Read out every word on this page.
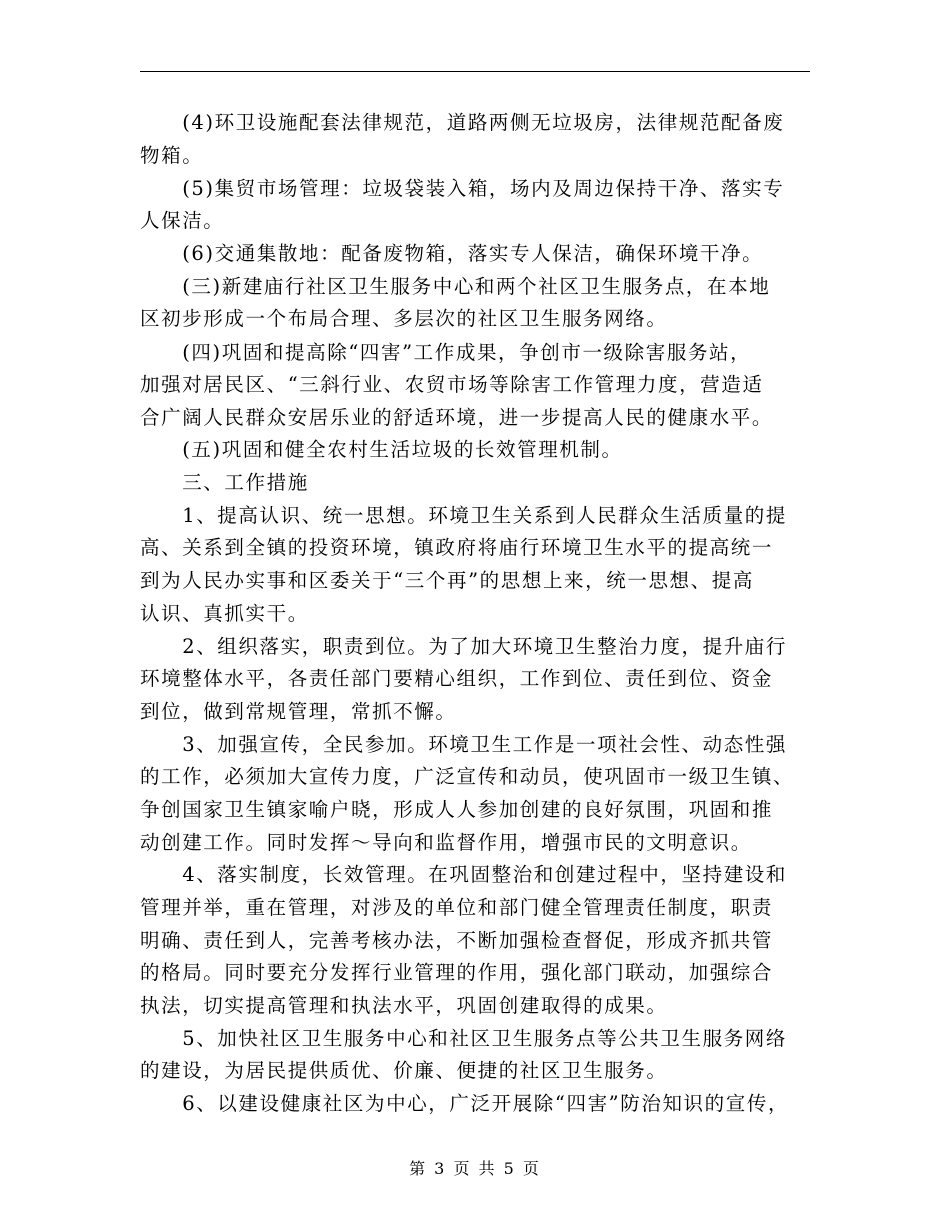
　　(4)环卫设施配套法律规范，道路两侧无垃圾房，法律规范配备废
物箱。
　　(5)集贸市场管理：垃圾袋装入箱，场内及周边保持干净、落实专
人保洁。
　　(6)交通集散地：配备废物箱，落实专人保洁，确保环境干净。
　　(三)新建庙行社区卫生服务中心和两个社区卫生服务点，在本地
区初步形成一个布局合理、多层次的社区卫生服务网络。
　　(四)巩固和提高除“四害”工作成果，争创市一级除害服务站，
加强对居民区、“三斜行业、农贸市场等除害工作管理力度，营造适
合广阔人民群众安居乐业的舒适环境，进一步提高人民的健康水平。
　　(五)巩固和健全农村生活垃圾的长效管理机制。
　　三、工作措施
　　1、提高认识、统一思想。环境卫生关系到人民群众生活质量的提
高、关系到全镇的投资环境，镇政府将庙行环境卫生水平的提高统一
到为人民办实事和区委关于“三个再”的思想上来，统一思想、提高
认识、真抓实干。
　　2、组织落实，职责到位。为了加大环境卫生整治力度，提升庙行
环境整体水平，各责任部门要精心组织，工作到位、责任到位、资金
到位，做到常规管理，常抓不懈。
　　3、加强宣传，全民参加。环境卫生工作是一项社会性、动态性强
的工作，必须加大宣传力度，广泛宣传和动员，使巩固市一级卫生镇、
争创国家卫生镇家喻户晓，形成人人参加创建的良好氛围，巩固和推
动创建工作。同时发挥～导向和监督作用，增强市民的文明意识。
　　4、落实制度，长效管理。在巩固整治和创建过程中，坚持建设和
管理并举，重在管理，对涉及的单位和部门健全管理责任制度，职责
明确、责任到人，完善考核办法，不断加强检查督促，形成齐抓共管
的格局。同时要充分发挥行业管理的作用，强化部门联动，加强综合
执法，切实提高管理和执法水平，巩固创建取得的成果。
　　5、加快社区卫生服务中心和社区卫生服务点等公共卫生服务网络
的建设，为居民提供质优、价廉、便捷的社区卫生服务。
　　6、以建设健康社区为中心，广泛开展除“四害”防治知识的宣传，
第 3 页 共 5 页
